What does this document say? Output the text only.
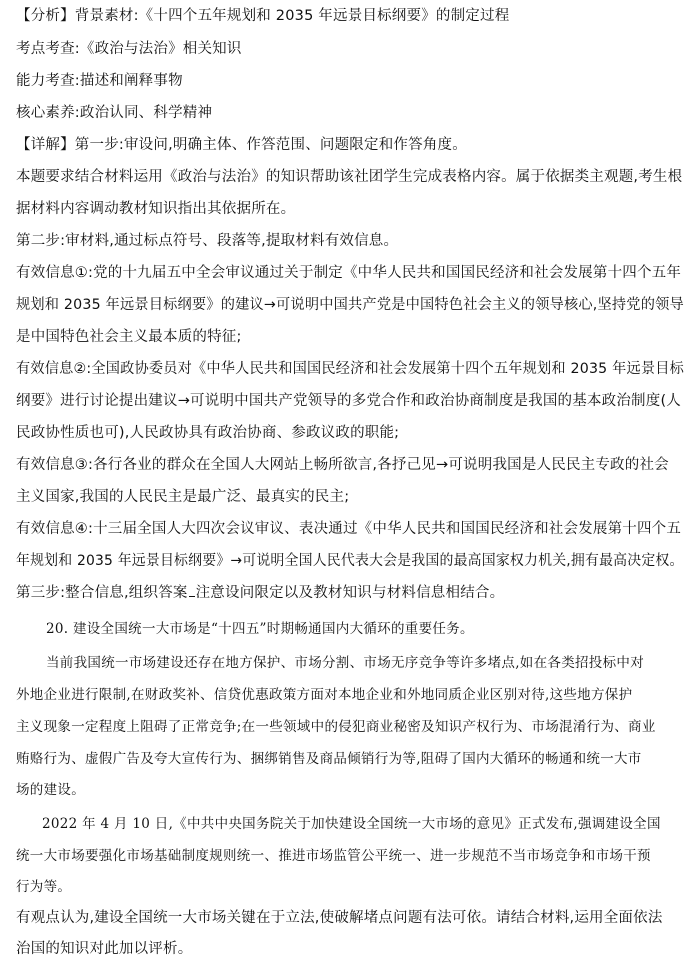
【分析】背景素材:《十四个五年规划和 2035 年远景目标纲要》的制定过程
考点考查:《政治与法治》相关知识
能力考查:描述和阐释事物
核心素养:政治认同、科学精神
【详解】第一步:审设问,明确主体、作答范围、问题限定和作答角度。
本题要求结合材料运用《政治与法治》的知识帮助该社团学生完成表格内容。属于依据类主观题,考生根
据材料内容调动教材知识指出其依据所在。
第二步:审材料,通过标点符号、段落等,提取材料有效信息。
有效信息①:党的十九届五中全会审议通过关于制定《中华人民共和国国民经济和社会发展第十四个五年
规划和 2035 年远景目标纲要》的建议→可说明中国共产党是中国特色社会主义的领导核心,坚持党的领导
是中国特色社会主义最本质的特征;
有效信息②:全国政协委员对《中华人民共和国国民经济和社会发展第十四个五年规划和 2035 年远景目标
纲要》进行讨论提出建议→可说明中国共产党领导的多党合作和政治协商制度是我国的基本政治制度(人
民政协性质也可),人民政协具有政治协商、参政议政的职能;
有效信息③:各行各业的群众在全国人大网站上畅所欲言,各抒己见→可说明我国是人民民主专政的社会
主义国家,我国的人民民主是最广泛、最真实的民主;
有效信息④:十三届全国人大四次会议审议、表决通过《中华人民共和国国民经济和社会发展第十四个五
年规划和 2035 年远景目标纲要》→可说明全国人民代表大会是我国的最高国家权力机关,拥有最高决定权。
第三步:整合信息,组织答案 注意设问限定以及教材知识与材料信息相结合。
20. 建设全国统一大市场是“十四五”时期畅通国内大循环的重要任务。
当前我国统一市场建设还存在地方保护、市场分割、市场无序竞争等许多堵点,如在各类招投标中对
外地企业进行限制,在财政奖补、信贷优惠政策方面对本地企业和外地同质企业区别对待,这些地方保护
主义现象一定程度上阻碍了正常竞争;在一些领域中的侵犯商业秘密及知识产权行为、市场混淆行为、商业
贿赂行为、虚假广告及夸大宣传行为、捆绑销售及商品倾销行为等,阻碍了国内大循环的畅通和统一大市
场的建设。
2022 年 4 月 10 日,《中共中央国务院关于加快建设全国统一大市场的意见》正式发布,强调建设全国
统一大市场要强化市场基础制度规则统一、推进市场监管公平统一、进一步规范不当市场竞争和市场干预
行为等。
有观点认为,建设全国统一大市场关键在于立法,使破解堵点问题有法可依。请结合材料,运用全面依法
治国的知识对此加以评析。
